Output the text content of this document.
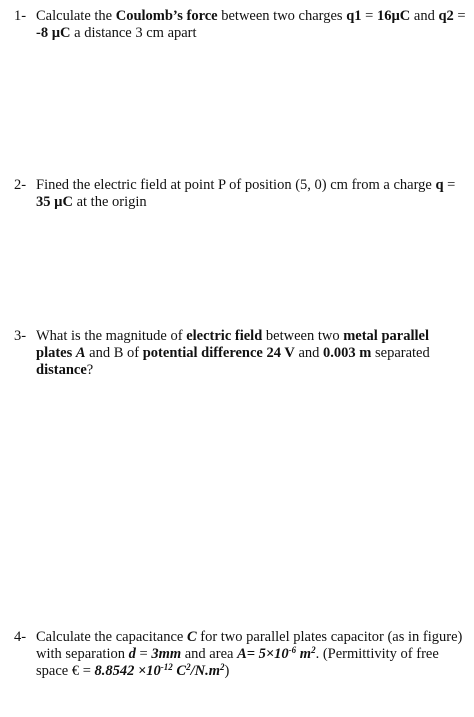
1- Calculate the Coulomb’s force between two charges q1 = 16µC and q2 = -8 µC a distance 3 cm apart
2- Fined the electric field at point P of position (5, 0) cm from a charge q = 35 µC at the origin
3- What is the magnitude of electric field between two metal parallel plates A and B of potential difference 24 V and 0.003 m separated distance?
4- Calculate the capacitance C for two parallel plates capacitor (as in figure) with separation d = 3mm and area $A= 5\times 10^{-6}$ $m^2$. (Permittivity of free space € = $8.8542 \times 10^{-12}$ $C^2/N.m^2$)
